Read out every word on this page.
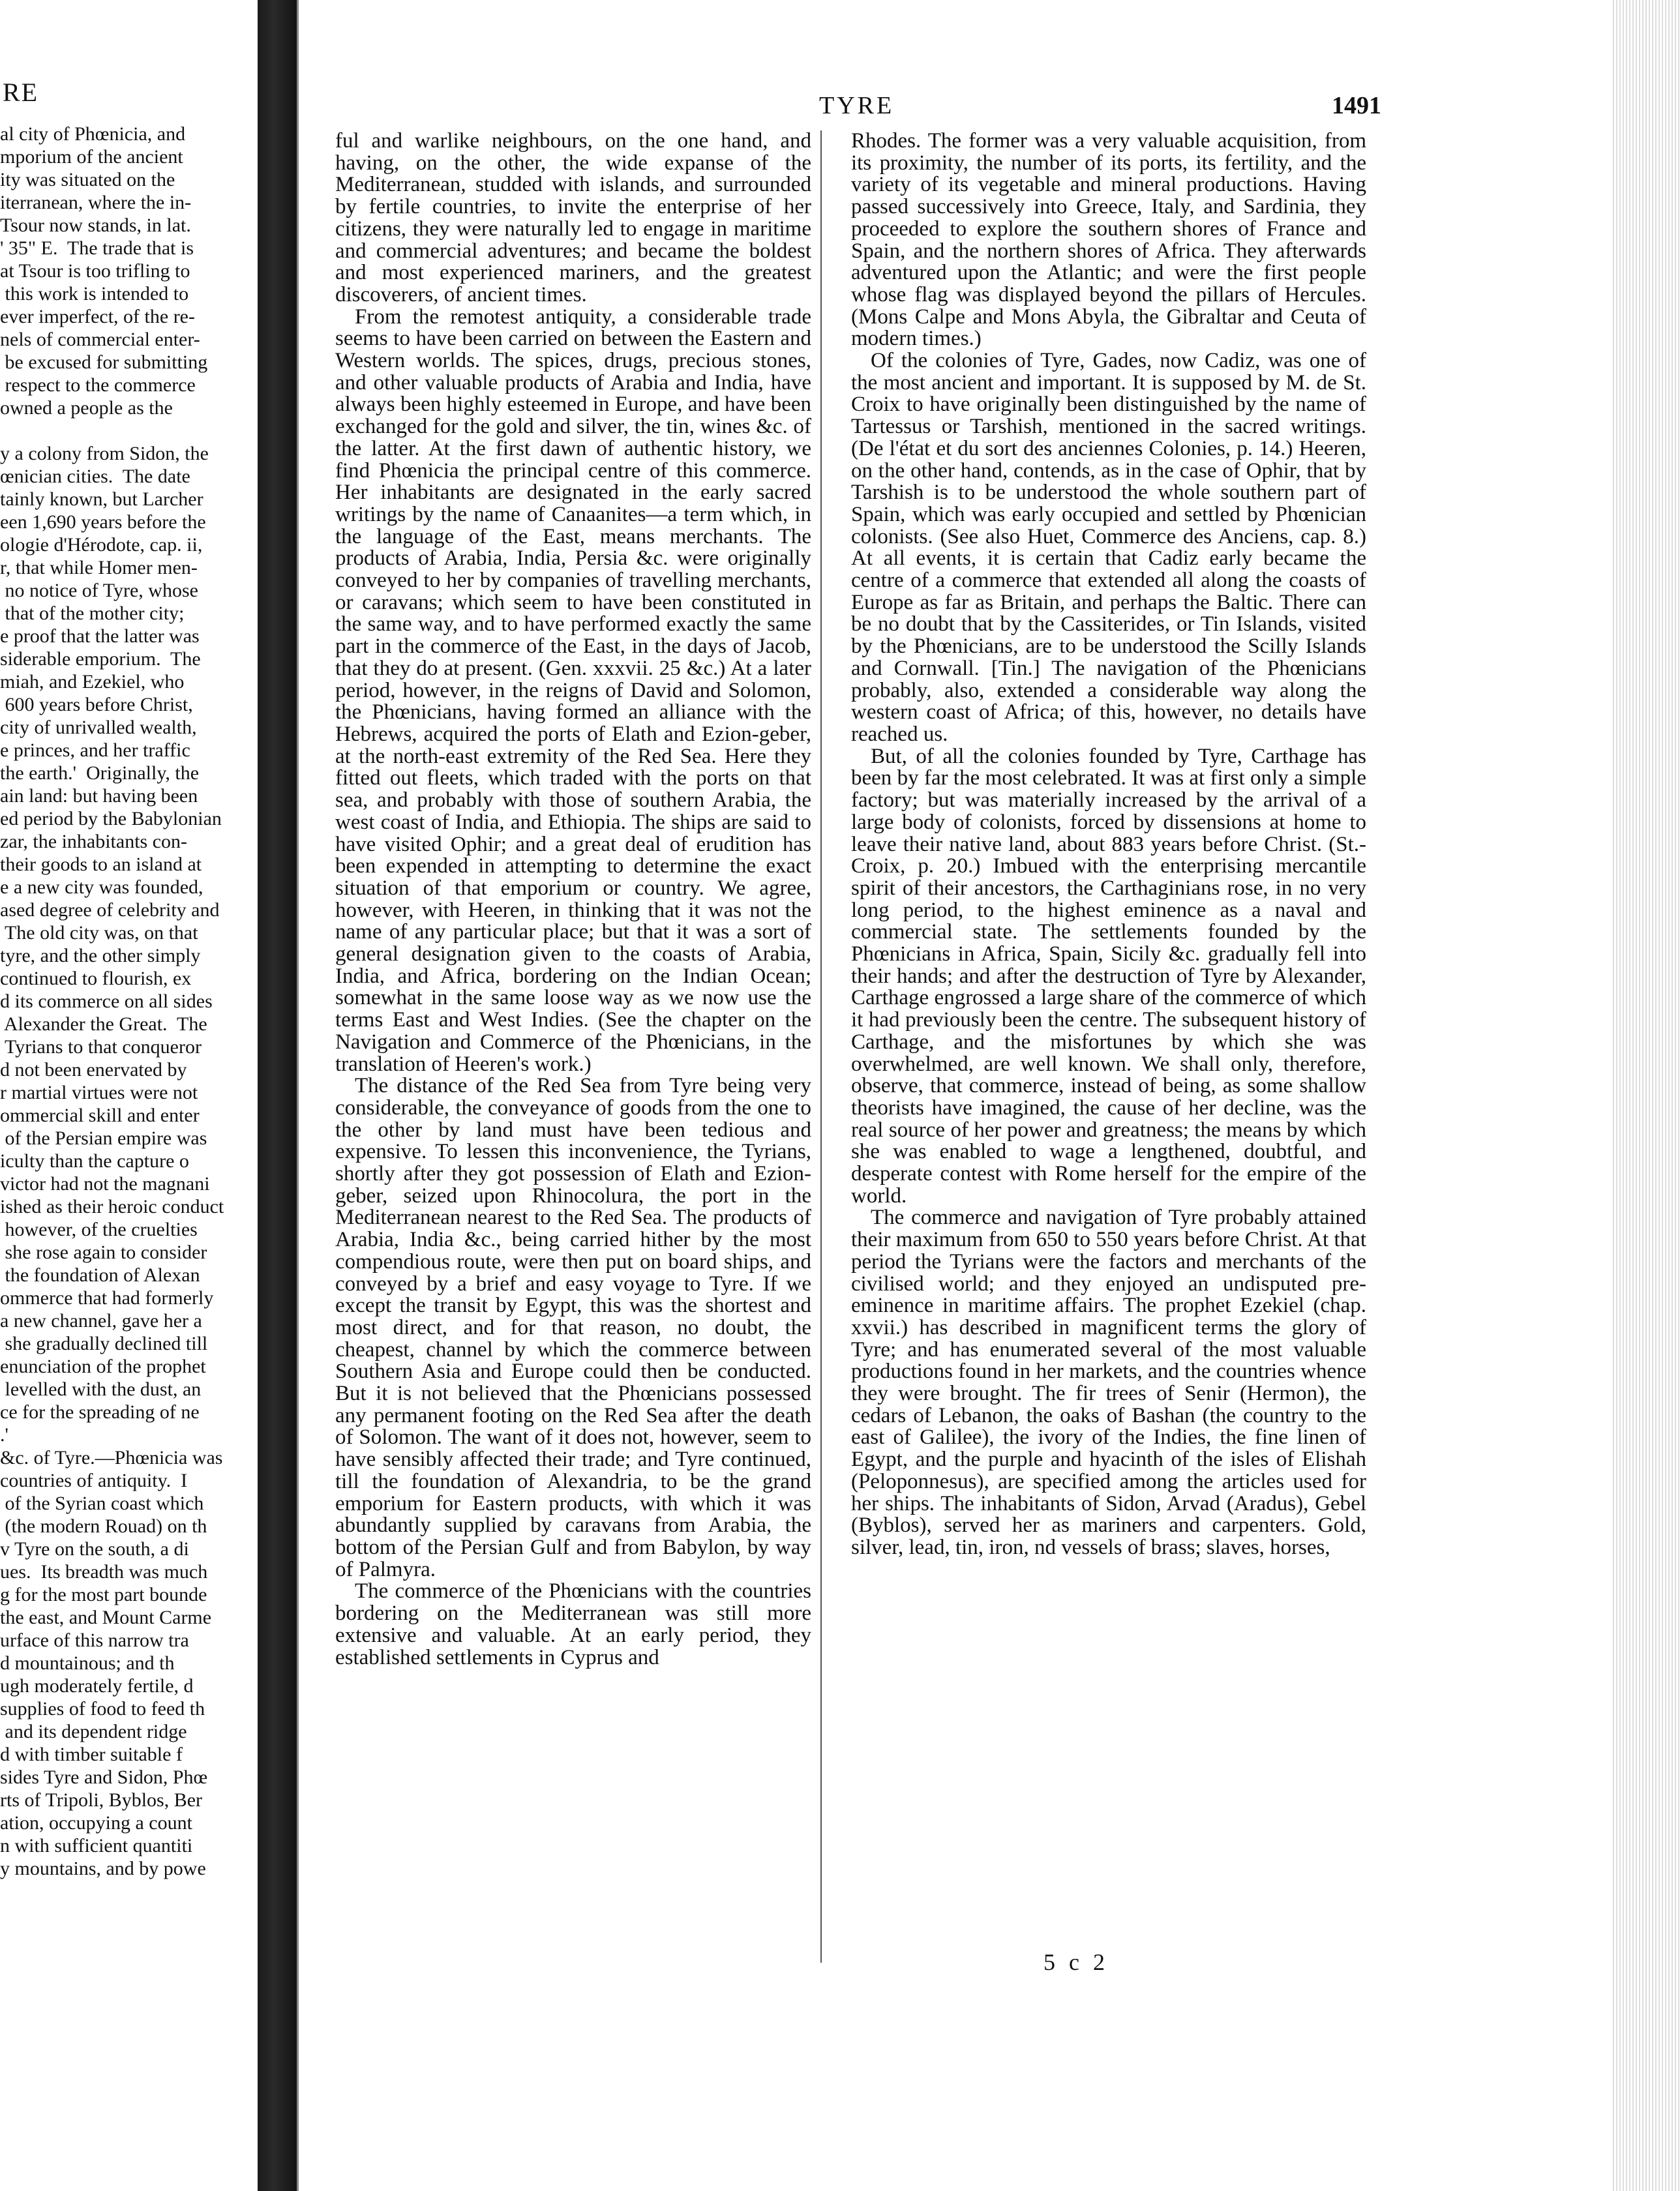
RE
al city of Phœnicia, and
mporium of the ancient
ity was situated on the
iterranean, where the in-
Tsour now stands, in lat.
' 35" E.  The trade that is
at Tsour is too trifling to
this work is intended to
ever imperfect, of the re-
nels of commercial enter-
be excused for submitting
respect to the commerce
owned a people as the

y a colony from Sidon, the
œnician cities.  The date
tainly known, but Larcher
een 1,690 years before the
ologie d'Hérodote, cap. ii,
r, that while Homer men-
no notice of Tyre, whose
that of the mother city;
e proof that the latter was
siderable emporium.  The
miah, and Ezekiel, who
600 years before Christ,
city of unrivalled wealth,
e princes, and her traffic
the earth.'  Originally, the
ain land: but having been
ed period by the Babylonian
zar, the inhabitants con-
their goods to an island at
e a new city was founded,
ased degree of celebrity and
The old city was, on that
tyre, and the other simply
continued to flourish, ex
d its commerce on all sides
Alexander the Great.  The
Tyrians to that conqueror
d not been enervated by
r martial virtues were not
ommercial skill and enter
of the Persian empire was
iculty than the capture o
victor had not the magnani
ished as their heroic conduct
however, of the cruelties
she rose again to consider
the foundation of Alexan
ommerce that had formerly
a new channel, gave her a
she gradually declined till
enunciation of the prophet
levelled with the dust, an
ce for the spreading of ne
.'
&c. of Tyre.—Phœnicia was
countries of antiquity.  I
of the Syrian coast which
(the modern Rouad) on th
v Tyre on the south, a di
ues.  Its breadth was much
g for the most part bounde
the east, and Mount Carme
urface of this narrow tra
d mountainous; and th
ugh moderately fertile, d
supplies of food to feed th
and its dependent ridge
d with timber suitable f
sides Tyre and Sidon, Phœ
rts of Tripoli, Byblos, Ber
ation, occupying a count
n with sufficient quantiti
y mountains, and by powe
TYRE	1491

ful and warlike neighbours, on the one hand, and having, on the other, the wide expanse of the Mediterranean, studded with islands, and surrounded by fertile countries, to invite the enterprise of her citizens, they were naturally led to engage in maritime and commercial adventures; and became the boldest and most experienced mariners, and the greatest discoverers, of ancient times.

From the remotest antiquity, a considerable trade seems to have been carried on between the Eastern and Western worlds. The spices, drugs, precious stones, and other valuable products of Arabia and India, have always been highly esteemed in Europe, and have been exchanged for the gold and silver, the tin, wines &c. of the latter. At the first dawn of authentic history, we find Phœnicia the principal centre of this commerce. Her inhabitants are designated in the early sacred writings by the name of Canaanites—a term which, in the language of the East, means merchants. The products of Arabia, India, Persia &c. were originally conveyed to her by companies of travelling merchants, or caravans; which seem to have been constituted in the same way, and to have performed exactly the same part in the commerce of the East, in the days of Jacob, that they do at present. (Gen. xxxvii. 25 &c.) At a later period, however, in the reigns of David and Solomon, the Phœnicians, having formed an alliance with the Hebrews, acquired the ports of Elath and Ezion-geber, at the north-east extremity of the Red Sea. Here they fitted out fleets, which traded with the ports on that sea, and probably with those of southern Arabia, the west coast of India, and Ethiopia. The ships are said to have visited Ophir; and a great deal of erudition has been expended in attempting to determine the exact situation of that emporium or country. We agree, however, with Heeren, in thinking that it was not the name of any particular place; but that it was a sort of general designation given to the coasts of Arabia, India, and Africa, bordering on the Indian Ocean; somewhat in the same loose way as we now use the terms East and West Indies. (See the chapter on the Navigation and Commerce of the Phœnicians, in the translation of Heeren's work.)

The distance of the Red Sea from Tyre being very considerable, the conveyance of goods from the one to the other by land must have been tedious and expensive. To lessen this inconvenience, the Tyrians, shortly after they got possession of Elath and Ezion-geber, seized upon Rhinocolura, the port in the Mediterranean nearest to the Red Sea. The products of Arabia, India &c., being carried hither by the most compendious route, were then put on board ships, and conveyed by a brief and easy voyage to Tyre. If we except the transit by Egypt, this was the shortest and most direct, and for that reason, no doubt, the cheapest, channel by which the commerce between Southern Asia and Europe could then be conducted. But it is not believed that the Phœnicians possessed any permanent footing on the Red Sea after the death of Solomon. The want of it does not, however, seem to have sensibly affected their trade; and Tyre continued, till the foundation of Alexandria, to be the grand emporium for Eastern products, with which it was abundantly supplied by caravans from Arabia, the bottom of the Persian Gulf and from Babylon, by way of Palmyra.

The commerce of the Phœnicians with the countries bordering on the Mediterranean was still more extensive and valuable. At an early period, they established settlements in Cyprus and

Rhodes. The former was a very valuable acquisition, from its proximity, the number of its ports, its fertility, and the variety of its vegetable and mineral productions. Having passed successively into Greece, Italy, and Sardinia, they proceeded to explore the southern shores of France and Spain, and the northern shores of Africa. They afterwards adventured upon the Atlantic; and were the first people whose flag was displayed beyond the pillars of Hercules. (Mons Calpe and Mons Abyla, the Gibraltar and Ceuta of modern times.)

Of the colonies of Tyre, Gades, now Cadiz, was one of the most ancient and important. It is supposed by M. de St. Croix to have originally been distinguished by the name of Tartessus or Tarshish, mentioned in the sacred writings. (De l'état et du sort des anciennes Colonies, p. 14.) Heeren, on the other hand, contends, as in the case of Ophir, that by Tarshish is to be understood the whole southern part of Spain, which was early occupied and settled by Phœnician colonists. (See also Huet, Commerce des Anciens, cap. 8.) At all events, it is certain that Cadiz early became the centre of a commerce that extended all along the coasts of Europe as far as Britain, and perhaps the Baltic. There can be no doubt that by the Cassiterides, or Tin Islands, visited by the Phœnicians, are to be understood the Scilly Islands and Cornwall. [Tin.] The navigation of the Phœnicians probably, also, extended a considerable way along the western coast of Africa; of this, however, no details have reached us.

But, of all the colonies founded by Tyre, Carthage has been by far the most celebrated. It was at first only a simple factory; but was materially increased by the arrival of a large body of colonists, forced by dissensions at home to leave their native land, about 883 years before Christ. (St.-Croix, p. 20.) Imbued with the enterprising mercantile spirit of their ancestors, the Carthaginians rose, in no very long period, to the highest eminence as a naval and commercial state. The settlements founded by the Phœnicians in Africa, Spain, Sicily &c. gradually fell into their hands; and after the destruction of Tyre by Alexander, Carthage engrossed a large share of the commerce of which it had previously been the centre. The subsequent history of Carthage, and the misfortunes by which she was overwhelmed, are well known. We shall only, therefore, observe, that commerce, instead of being, as some shallow theorists have imagined, the cause of her decline, was the real source of her power and greatness; the means by which she was enabled to wage a lengthened, doubtful, and desperate contest with Rome herself for the empire of the world.

The commerce and navigation of Tyre probably attained their maximum from 650 to 550 years before Christ. At that period the Tyrians were the factors and merchants of the civilised world; and they enjoyed an undisputed pre-eminence in maritime affairs. The prophet Ezekiel (chap. xxvii.) has described in magnificent terms the glory of Tyre; and has enumerated several of the most valuable productions found in her markets, and the countries whence they were brought. The fir trees of Senir (Hermon), the cedars of Lebanon, the oaks of Bashan (the country to the east of Galilee), the ivory of the Indies, the fine linen of Egypt, and the purple and hyacinth of the isles of Elishah (Peloponnesus), are specified among the articles used for her ships. The inhabitants of Sidon, Arvad (Aradus), Gebel (Byblos), served her as mariners and carpenters. Gold, silver, lead, tin, iron, nd vessels of brass; slaves, horses,

5 c 2
